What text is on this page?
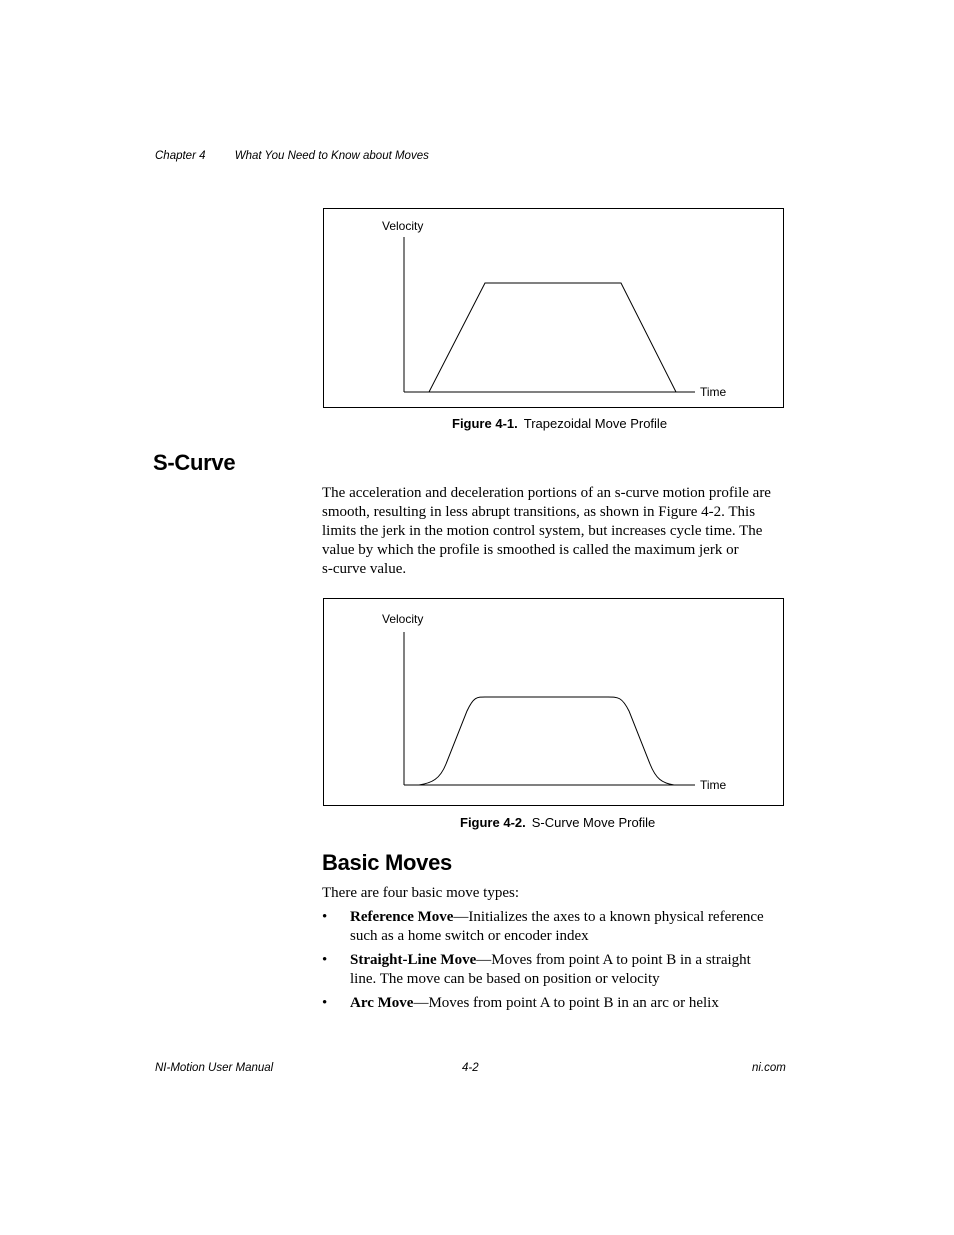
Chapter 4	What You Need to Know about Moves
Velocity
Time
Figure 4-1. Trapezoidal Move Profile
S-Curve
The acceleration and deceleration portions of an s-curve motion profile are
smooth, resulting in less abrupt transitions, as shown in Figure 4-2. This
limits the jerk in the motion control system, but increases cycle time. The
value by which the profile is smoothed is called the maximum jerk or
s-curve value.
Velocity
Time
Figure 4-2. S-Curve Move Profile
Basic Moves
There are four basic move types:
• Reference Move—Initializes the axes to a known physical reference
such as a home switch or encoder index
• Straight-Line Move—Moves from point A to point B in a straight
line. The move can be based on position or velocity
• Arc Move—Moves from point A to point B in an arc or helix
NI-Motion User Manual	4-2	ni.com
